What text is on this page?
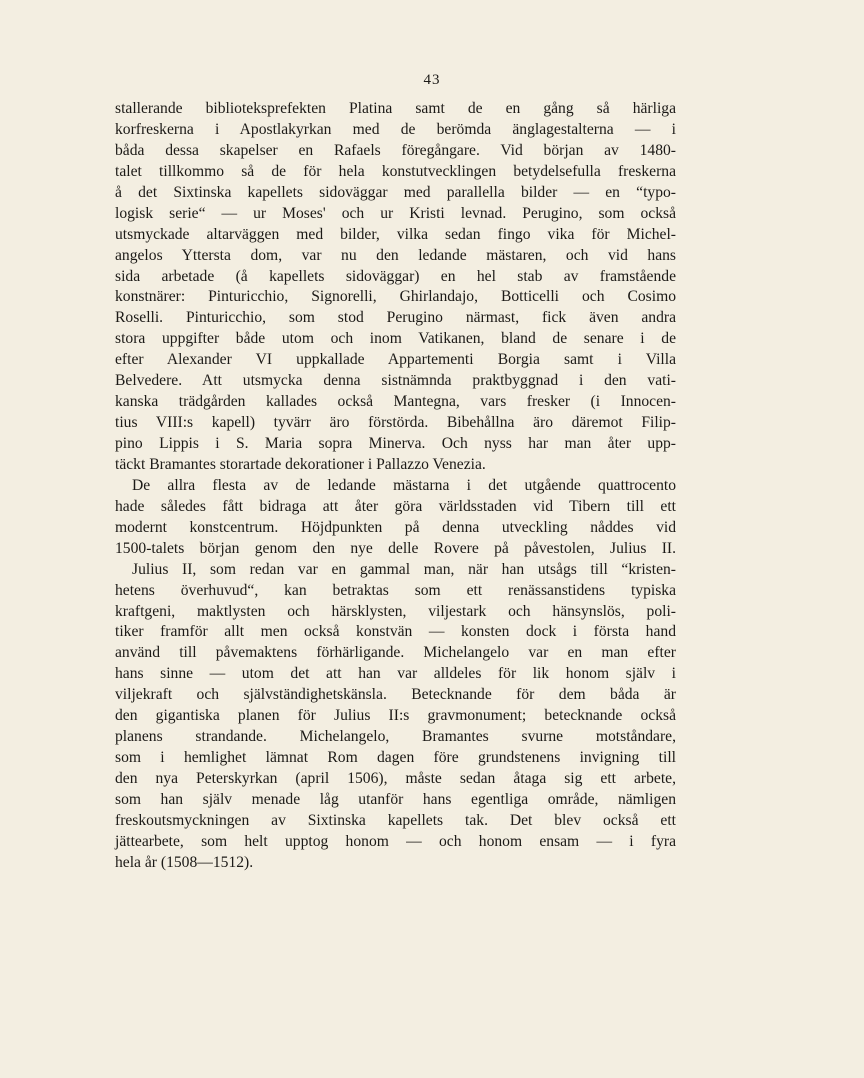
43
stallerande biblioteksprefekten Platina samt de en gång så härliga
korfreskerna i Apostlakyrkan med de berömda änglagestalterna — i
båda dessa skapelser en Rafaels föregångare. Vid början av 1480-
talet tillkommo så de för hela konstutvecklingen betydelsefulla freskerna
å det Sixtinska kapellets sidoväggar med parallella bilder — en “typo-
logisk serie“ — ur Moses' och ur Kristi levnad. Perugino, som också
utsmyckade altarväggen med bilder, vilka sedan fingo vika för Michel-
angelos Yttersta dom, var nu den ledande mästaren, och vid hans
sida arbetade (å kapellets sidoväggar) en hel stab av framstående
konstnärer: Pinturicchio, Signorelli, Ghirlandajo, Botticelli och Cosimo
Roselli. Pinturicchio, som stod Perugino närmast, fick även andra
stora uppgifter både utom och inom Vatikanen, bland de senare i de
efter Alexander VI uppkallade Appartementi Borgia samt i Villa
Belvedere. Att utsmycka denna sistnämnda praktbyggnad i den vati-
kanska trädgården kallades också Mantegna, vars fresker (i Innocen-
tius VIII:s kapell) tyvärr äro förstörda. Bibehållna äro däremot Filip-
pino Lippis i S. Maria sopra Minerva. Och nyss har man åter upp-
täckt Bramantes storartade dekorationer i Pallazzo Venezia.
De allra flesta av de ledande mästarna i det utgående quattrocento
hade således fått bidraga att åter göra världsstaden vid Tibern till ett
modernt konstcentrum. Höjdpunkten på denna utveckling nåddes vid
1500-talets början genom den nye delle Rovere på påvestolen, Julius II.
Julius II, som redan var en gammal man, när han utsågs till “kristen-
hetens överhuvud“, kan betraktas som ett renässanstidens typiska
kraftgeni, maktlysten och härsklysten, viljestark och hänsynslös, poli-
tiker framför allt men också konstvän — konsten dock i första hand
använd till påvemaktens förhärligande. Michelangelo var en man efter
hans sinne — utom det att han var alldeles för lik honom själv i
viljekraft och självständighetskänsla. Betecknande för dem båda är
den gigantiska planen för Julius II:s gravmonument; betecknande också
planens strandande. Michelangelo, Bramantes svurne motståndare,
som i hemlighet lämnat Rom dagen före grundstenens invigning till
den nya Peterskyrkan (april 1506), måste sedan åtaga sig ett arbete,
som han själv menade låg utanför hans egentliga område, nämligen
freskoutsmyckningen av Sixtinska kapellets tak. Det blev också ett
jättearbete, som helt upptog honom — och honom ensam — i fyra
hela år (1508—1512).
